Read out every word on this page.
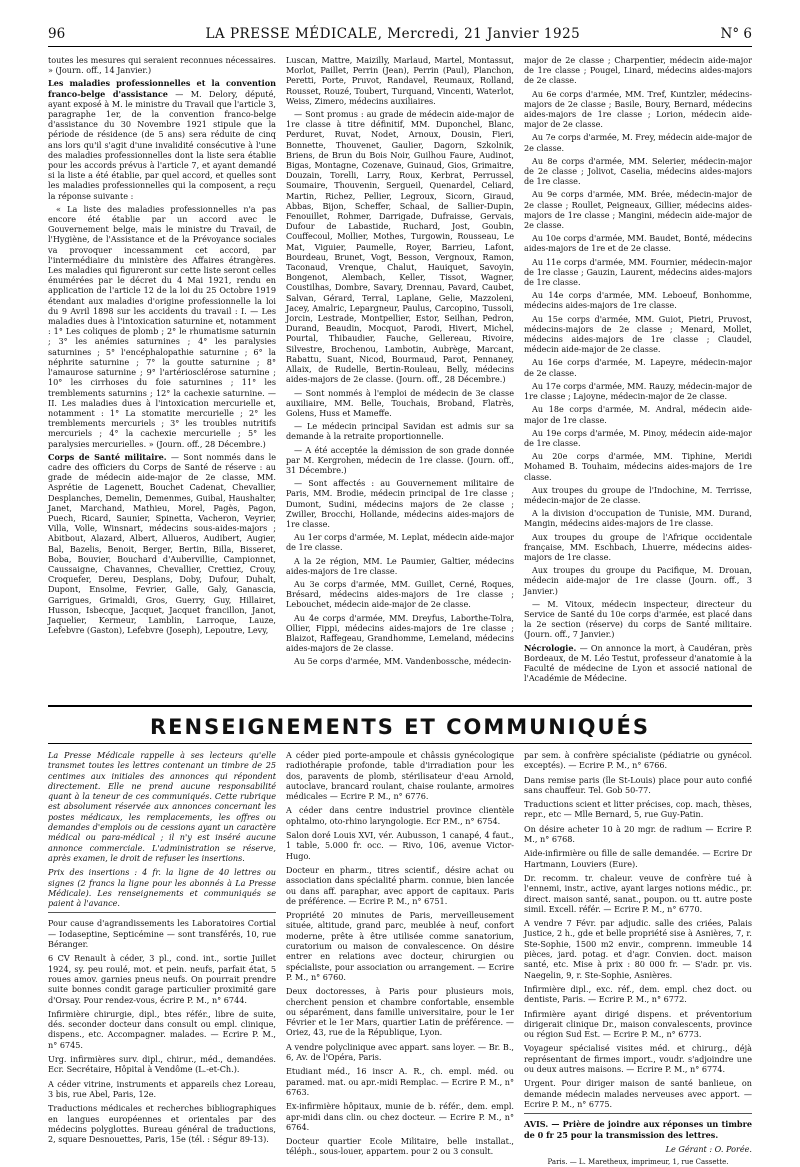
96	LA PRESSE MÉDICALE, Mercredi, 21 Janvier 1925	N° 6

toutes les mesures qui seraient reconnues nécessaires. » (Journ. off., 14 Janvier.)

Les maladies professionnelles et la convention franco-belge d'assistance — M. Delory, député, ayant exposé à M. le ministre du Travail que l'article 3, paragraphe 1er, de la convention franco-belge d'assistance du 30 Novembre 1921 stipule que la période de résidence (de 5 ans) sera réduite de cinq ans lors qu'il s'agit d'une invalidité consécutive à l'une des maladies professionnelles dont la liste sera établie pour les accords prévus à l'article 7, et ayant demandé si la liste a été établie, par quel accord, et quelles sont les maladies professionnelles qui la composent, a reçu la réponse suivante :

« La liste des maladies professionnelles n'a pas encore été établie par un accord avec le Gouvernement belge, mais le ministre du Travail, de l'Hygiène, de l'Assistance et de la Prévoyance sociales va provoquer incessamment cet accord, par l'intermédiaire du ministère des Affaires étrangères. Les maladies qui figureront sur cette liste seront celles énumérées par le décret du 4 Mai 1921, rendu en application de l'article 12 de la loi du 25 Octobre 1919 étendant aux maladies d'origine professionnelle la loi du 9 Avril 1898 sur les accidents du travail : I. — Les maladies dues à l'intoxication saturnine et, notamment : 1° Les coliques de plomb ; 2° le rhumatisme saturnin ; 3° les anémies saturnines ; 4° les paralysies saturnines ; 5° l'encéphalopathie saturnine ; 6° la néphrite saturnine ; 7° la goutte saturnine ; 8° l'amaurose saturnine ; 9° l'artériosclérose saturnine ; 10° les cirrhoses du foie saturnines ; 11° les tremblements saturnins ; 12° la cachexie saturnine. — II. Les maladies dues à l'intoxication mercurielle et, notamment : 1° La stomatite mercurielle ; 2° les tremblements mercuriels ; 3° les troubles nutritifs mercuriels ; 4° la cachexie mercurielle ; 5° les paralysies mercurielles. » (Journ. off., 28 Décembre.)

Corps de Santé militaire. — Sont nommés dans le cadre des officiers du Corps de Santé de réserve : au grade de médecin aide-major de 2e classe, MM. Asprétie de Lagenett, Bouchet Cadenat, Chevallier, Desplanches, Demelin, Demenmes, Guibal, Haushalter, Janet, Marchand, Mathieu, Morel, Pagès, Pagon, Puech, Ricard, Saunier, Spinetta, Vacheron, Veyrier, Villa, Volle, Winsnart, médecins sous-aides-majors ; Abitbout, Alazard, Albert, Allueros, Audibert, Augier, Bal, Bazelis, Benoit, Berger, Bertin, Billa, Bisseret, Boba, Bouvier, Bouchard d'Aubervillie, Campionnet, Caussaigne, Chavannes, Chevallier, Crettiez, Crouy, Croquefer, Dereu, Desplans, Doby, Dufour, Duhalt, Dupont, Ensolme, Fevrier, Galle, Galy, Ganascia, Garrigues, Grimaldi, Gros, Guerry, Guy, Hillairet, Husson, Isbecque, Jacquet, Jacquet francillon, Janot, Jaquelier, Kermeur, Lamblin, Larroque, Lauze, Lefebvre (Gaston), Lefebvre (Joseph), Lepoutre, Levy,

Luscan, Mattre, Maizilly, Marlaud, Martel, Montassut, Morlot, Paillet, Perrin (Jean), Perrin (Paul), Planchon, Peretti, Porte, Pruvot, Randavel, Reumaux, Rolland, Rousset, Rouzé, Toubert, Turquand, Vincenti, Waterlot, Weiss, Zimero, médecins auxiliaires.

— Sont promus : au grade de médecin aide-major de 1re classe à titre définitif, MM. Duponchel, Blanc, Perduret, Ruvat, Nodet, Arnoux, Dousin, Fieri, Bonnette, Thouvenet, Gaulier, Dagorn, Szkolnik, Briens, de Brun du Bois Noir, Guilhou Faure, Audinot, Bigas, Montagne, Cozenave, Guinaud, Gios, Grimaitre, Douzain, Torelli, Larry, Roux, Kerbrat, Perrussel, Soumaire, Thouvenin, Sergueil, Quenardel, Celiard, Martin, Richez, Pellier, Legroux, Sicorn, Giraud, Abbas, Bijon, Scheffer, Schaal, de Sallier-Dupin, Fenouillet, Rohmer, Darrigade, Dufraisse, Gervais, Dufour de Labastide, Ruchard, Jost, Goubin, Couffecoul, Mollier, Mothes, Turgowin, Rousseau, Le Mat, Viguier, Paumelle, Royer, Barrieu, Lafont, Bourdeau, Brunet, Vogt, Besson, Vergnoux, Ramon, Taconaud, Vrenque, Chalut, Hauiquet, Savoyin, Bongenot, Alembach, Keller, Tissot, Wagner, Coustilhas, Dombre, Savary, Drennau, Pavard, Caubet, Salvan, Gérard, Terral, Laplane, Gelie, Mazzoleni, Jacey, Amalric, Lepargneur, Paulus, Carcopino, Tussoli, Jorcin, Lestrade, Montpellier, Estor, Seilhan, Pedron, Durand, Beaudin, Mocquot, Parodi, Hivert, Michel, Pourtal, Thibaudier, Fauche, Gellereau, Rivoire, Silvestre, Brochenou, Lambotin, Aubrège, Marcant, Rabattu, Suant, Nicod, Bourmaud, Parot, Pennaney, Allaix, de Rudelle, Bertin-Rouleau, Belly, médecins aides-majors de 2e classe. (Journ. off., 28 Décembre.)

— Sont nommés à l'emploi de médecin de 3e classe auxiliaire, MM. Belle, Touchais, Broband, Flatrès, Golens, Huss et Mameffe.

— Le médecin principal Savidan est admis sur sa demande à la retraite proportionnelle.

— A été acceptée la démission de son grade donnée par M. Kergrohen, médecin de 1re classe. (Journ. off., 31 Décembre.)

— Sont affectés : au Gouvernement militaire de Paris, MM. Brodie, médecin principal de 1re classe ; Dumont, Sudini, médecins majors de 2e classe ; Zwiller, Brocchi, Hollande, médecins aides-majors de 1re classe.

Au 1er corps d'armée, M. Leplat, médecin aide-major de 1re classe.

A la 2e région, MM. Le Paumier, Galtier, médecins aides-majors de 1re classe.

Au 3e corps d'armée, MM. Guillet, Cerné, Roques, Brésard, médecins aides-majors de 1re classe ; Lebouchet, médecin aide-major de 2e classe.

Au 4e corps d'armée, MM. Dreyfus, Laborthe-Tolra, Ollier, Fippi, médecins aides-majors de 1re classe ; Blaizot, Raffegeau, Grandhomme, Lemeland, médecins aides-majors de 2e classe.

Au 5e corps d'armée, MM. Vandenbossche, médecin-

major de 2e classe ; Charpentier, médecin aide-major de 1re classe ; Pougel, Linard, médecins aides-majors de 2e classe.

Au 6e corps d'armée, MM. Tref, Kuntzler, médecins-majors de 2e classe ; Basile, Boury, Bernard, médecins aides-majors de 1re classe ; Lorion, médecin aide-major de 2e classe.

Au 7e corps d'armée, M. Frey, médecin aide-major de 2e classe.

Au 8e corps d'armée, MM. Selerier, médecin-major de 2e classe ; Jolivot, Caselia, médecins aides-majors de 1re classe.

Au 9e corps d'armée, MM. Brée, médecin-major de 2e classe ; Roullet, Peigneaux, Gillier, médecins aides-majors de 1re classe ; Mangini, médecin aide-major de 2e classe.

Au 10e corps d'armée, MM. Baudet, Bonté, médecins aides-majors de 1re et de 2e classe.

Au 11e corps d'armée, MM. Fournier, médecin-major de 1re classe ; Gauzin, Laurent, médecins aides-majors de 1re classe.

Au 14e corps d'armée, MM. Leboeuf, Bonhomme, médecins aides-majors de 1re classe.

Au 15e corps d'armée, MM. Guiot, Pietri, Pruvost, médecins-majors de 2e classe ; Menard, Mollet, médecins aides-majors de 1re classe ; Claudel, médecin aide-major de 2e classe.

Au 16e corps d'armée, M. Lapeyre, médecin-major de 2e classe.

Au 17e corps d'armée, MM. Rauzy, médecin-major de 1re classe ; Lajoyne, médecin-major de 2e classe.

Au 18e corps d'armée, M. Andral, médecin aide-major de 1re classe.

Au 19e corps d'armée, M. Pinoy, médecin aide-major de 1re classe.

Au 20e corps d'armée, MM. Tiphine, Meridi Mohamed B. Touhaim, médecins aides-majors de 1re classe.

Aux troupes du groupe de l'Indochine, M. Terrisse, médecin-major de 2e classe.

A la division d'occupation de Tunisie, MM. Durand, Mangin, médecins aides-majors de 1re classe.

Aux troupes du groupe de l'Afrique occidentale française, MM. Eschbach, Lhuerre, médecins aides-majors de 1re classe.

Aux troupes du groupe du Pacifique, M. Drouan, médecin aide-major de 1re classe (Journ. off., 3 Janvier.)

— M. Vitoux, médecin inspecteur, directeur du Service de Santé du 10e corps d'armée, est placé dans la 2e section (réserve) du corps de Santé militaire. (Journ. off., 7 Janvier.)

Nécrologie. — On annonce la mort, à Caudéran, près Bordeaux, de M. Léo Testut, professeur d'anatomie à la Faculté de médecine de Lyon et associé national de l'Académie de Médecine.

RENSEIGNEMENTS ET COMMUNIQUÉS

La Presse Médicale rappelle à ses lecteurs qu'elle transmet toutes les lettres contenant un timbre de 25 centimes aux initiales des annonces qui répondent directement. Elle ne prend aucune responsabilité quant à la teneur de ces communiqués. Cette rubrique est absolument réservée aux annonces concernant les postes médicaux, les remplacements, les offres ou demandes d'emplois ou de cessions ayant un caractère médical ou para-médical ; il n'y est inséré aucune annonce commerciale. L'administration se réserve, après examen, le droit de refuser les insertions.

Prix des insertions : 4 fr. la ligne de 40 lettres ou signes (2 francs la ligne pour les abonnés à La Presse Médicale). Les renseignements et communiqués se paient à l'avance.

Pour cause d'agrandissements les Laboratoires Cortial — Iodaseptine, Septicémine — sont transférés, 10, rue Béranger.

6 CV Renault à céder, 3 pl., cond. int., sortie Juillet 1924, sy. peu roulé, mot. et pein. neufs, parfait état, 5 roues amov. garnies pneus neufs. On pourrait prendre suite bonnes condit garage particulier proximité gare d'Orsay. Pour rendez-vous, écrire P. M., n° 6744.

Infirmière chirurgie, dipl., btes référ., libre de suite, dés. seconder docteur dans consult ou empl. clinique, dispens., etc. Accompagner. malades. — Ecrire P. M., n° 6745.

Urg. infirmières surv. dipl., chirur., méd., demandées. Ecr. Secrétaire, Hôpital à Vendôme (L.-et-Ch.).

A céder vitrine, instruments et appareils chez Loreau, 3 bis, rue Abel, Paris, 12e.

Traductions médicales et recherches bibliographiques en langues européennes et orientales par des médecins polyglottes. Bureau général de traductions, 2, square Desnouettes, Paris, 15e (tél. : Ségur 89-13).

A céder pied porte-ampoule et châssis gynécologique radiothérapie profonde, table d'irradiation pour les dos, paravents de plomb, stérilisateur d'eau Arnold, autoclave, brancard roulant, chaise roulante, armoires médicales — Ecrire P. M., n° 6776.

A céder dans centre industriel province clientèle ophtalmo, oto-rhino laryngologie. Ecr P.M., n° 6754.

Salon doré Louis XVI, vér. Aubusson, 1 canapé, 4 faut., 1 table, 5.000 fr. occ. — Rivo, 106, avenue Victor-Hugo.

Docteur en pharm., titres scientif., désire achat ou association dans spécialité pharm. connue, bien lancée ou dans aff. paraphar, avec apport de capitaux. Paris de préférence. — Ecrire P. M., n° 6751.

Propriété 20 minutes de Paris, merveilleusement située, altitude, grand parc, meublée à neuf, confort moderne, prête à être utilisée comme sanatorium, curatorium ou maison de convalescence. On désire entrer en relations avec docteur, chirurgien ou spécialiste, pour association ou arrangement. — Ecrire P. M., n° 6760.

Deux doctoresses, à Paris pour plusieurs mois, cherchent pension et chambre confortable, ensemble ou séparément, dans famille universitaire, pour le 1er Février et le 1er Mars, quartier Latin de préférence. — Oriez, 43, rue de la République, Lyon.

A vendre polyclinique avec appart. sans loyer. — Br. B., 6, Av. de l'Opéra, Paris.

Etudiant méd., 16 inscr A. R., ch. empl. méd. ou paramed. mat. ou apr.-midi Remplac. — Ecrire P. M., n° 6763.

Ex-infirmière hôpitaux, munie de b. référ., dem. empl. apr-midi dans clin. ou chez docteur. — Ecrire P. M., n° 6764.

Docteur quartier Ecole Militaire, belle installat., téléph., sous-louer, appartem. pour 2 ou 3 consult.

par sem. à confrère spécialiste (pédiatrie ou gynécol. exceptés). — Ecrire P. M., n° 6766.

Dans remise paris (île St-Louis) place pour auto confié sans chauffeur. Tel. Gob 50-77.

Traductions scient et litter précises, cop. mach, thèses, repr., etc — Mlle Bernard, 5, rue Guy-Patin.

On désire acheter 10 à 20 mgr. de radium — Ecrire P. M., n° 6768.

Aide-infirmière ou fille de salle demandée. — Ecrire Dr Hartmann, Louviers (Eure).

Dr. recomm. tr. chaleur. veuve de confrère tué à l'ennemi, instr., active, ayant larges notions médic., pr. direct. maison santé, sanat., poupon. ou tt. autre poste simil. Excell. référ. — Ecrire P. M., n° 6770.

A vendre 7 Févr. par adjudic. salle des criées, Palais Justice, 2 h., gde et belle propriété sise à Asnières, 7, r. Ste-Sophie, 1500 m2 envir., comprenn. immeuble 14 pièces, jard. potag. et d'agr. Convien. doct. maison santé, etc. Mise à prix : 80 000 fr. — S'adr. pr. vis. Naegelin, 9, r. Ste-Sophie, Asnières.

Infirmière dipl., exc. réf., dem. empl. chez doct. ou dentiste, Paris. — Ecrire P. M., n° 6772.

Infirmière ayant dirigé dispens. et préventorium dirigerait clinique Dr., maison convalescents, province ou région Sud Est. — Ecrire P. M., n° 6773.

Voyageur spécialisé visites méd. et chirurg., déjà représentant de firmes import., voudr. s'adjoindre une ou deux autres maisons. — Ecrire P. M., n° 6774.

Urgent. Pour diriger maison de santé banlieue, on demande médecin malades nerveuses avec apport. — Ecrire P. M., n° 6775.

AVIS. — Prière de joindre aux réponses un timbre de 0 fr 25 pour la transmission des lettres.

Le Gérant : O. Porée.
Paris. — L. Maretheux, imprimeur, 1, rue Cassette.
